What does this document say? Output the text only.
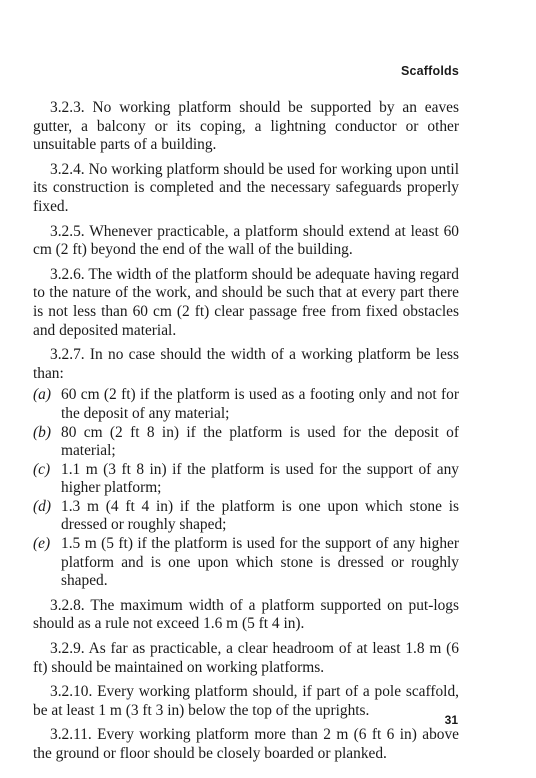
Scaffolds

3.2.3. No working platform should be supported by an eaves gutter, a balcony or its coping, a lightning conductor or other unsuitable parts of a building.

3.2.4. No working platform should be used for working upon until its construction is completed and the necessary safeguards properly fixed.

3.2.5. Whenever practicable, a platform should extend at least 60 cm (2 ft) beyond the end of the wall of the building.

3.2.6. The width of the platform should be adequate having regard to the nature of the work, and should be such that at every part there is not less than 60 cm (2 ft) clear passage free from fixed obstacles and deposited material.

3.2.7. In no case should the width of a working platform be less than:

(a) 60 cm (2 ft) if the platform is used as a footing only and not for the deposit of any material;
(b) 80 cm (2 ft 8 in) if the platform is used for the deposit of material;
(c) 1.1 m (3 ft 8 in) if the platform is used for the support of any higher platform;
(d) 1.3 m (4 ft 4 in) if the platform is one upon which stone is dressed or roughly shaped;
(e) 1.5 m (5 ft) if the platform is used for the support of any higher platform and is one upon which stone is dressed or roughly shaped.

3.2.8. The maximum width of a platform supported on put-logs should as a rule not exceed 1.6 m (5 ft 4 in).

3.2.9. As far as practicable, a clear headroom of at least 1.8 m (6 ft) should be maintained on working platforms.

3.2.10. Every working platform should, if part of a pole scaffold, be at least 1 m (3 ft 3 in) below the top of the uprights.

3.2.11. Every working platform more than 2 m (6 ft 6 in) above the ground or floor should be closely boarded or planked.

31
